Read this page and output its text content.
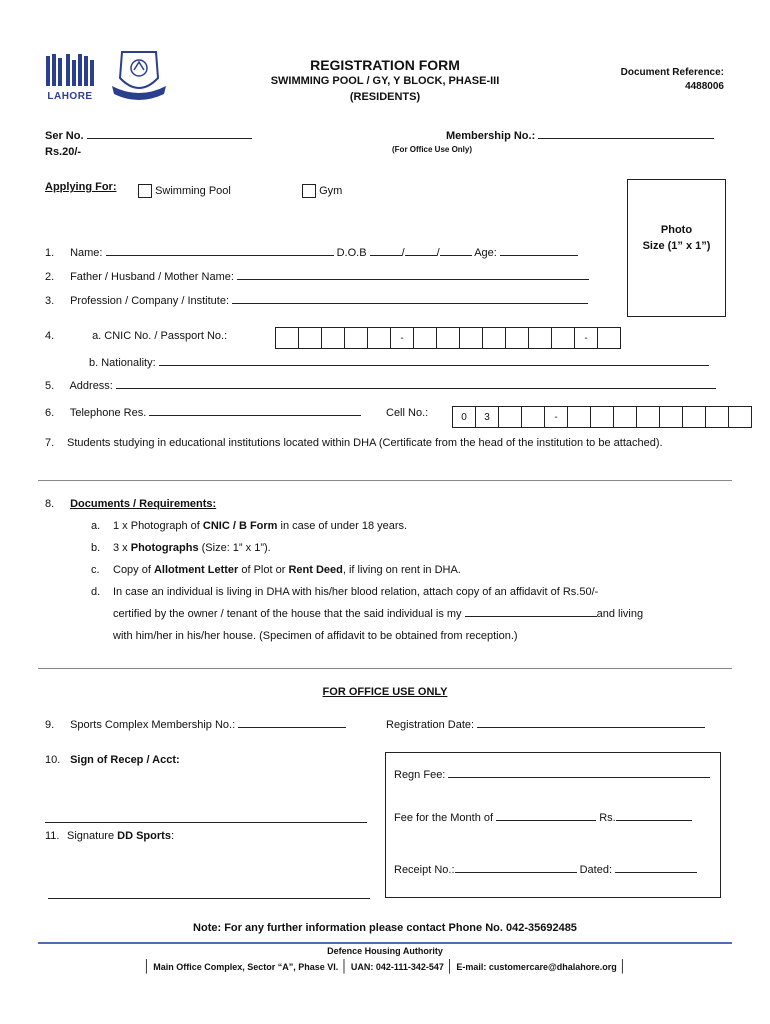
LAHORE
REGISTRATION FORM
SWIMMING POOL / GY, Y BLOCK, PHASE-III
(RESIDENTS)
Document Reference:
4488006
Ser No.
Rs.20/-
Membership No.:
(For Office Use Only)
Applying For:	Swimming Pool	Gym
Photo
Size (1” x 1”)
1. Name:	D.O.B	/	/	Age:
2. Father / Husband / Mother Name:
3. Profession / Company / Institute:
4.	a. CNIC No. / Passport No.:	-	-
b. Nationality:
5. Address:
6. Telephone Res.	Cell No.:	0	3	-
7.	Students studying in educational institutions located within DHA (Certificate from the head of the institution to be attached).
8. Documents / Requirements:
a. 1 x Photograph of CNIC / B Form in case of under 18 years.
b. 3 x Photographs (Size: 1” x 1”).
c. Copy of Allotment Letter of Plot or Rent Deed, if living on rent in DHA.
d. In case an individual is living in DHA with his/her blood relation, attach copy of an affidavit of Rs.50/-
certified by the owner / tenant of the house that the said individual is my	and living
with him/her in his/her house. (Specimen of affidavit to be obtained from reception.)
FOR OFFICE USE ONLY
9. Sports Complex Membership No.:	Registration Date:
10. Sign of Recep / Acct:
11. Signature DD Sports:
Regn Fee:
Fee for the Month of	Rs.
Receipt No.:	Dated:
Note: For any further information please contact Phone No. 042-35692485
Defence Housing Authority
│ Main Office Complex, Sector “A”, Phase VI. │ UAN: 042-111-342-547 │ E-mail: customercare@dhalahore.org │
